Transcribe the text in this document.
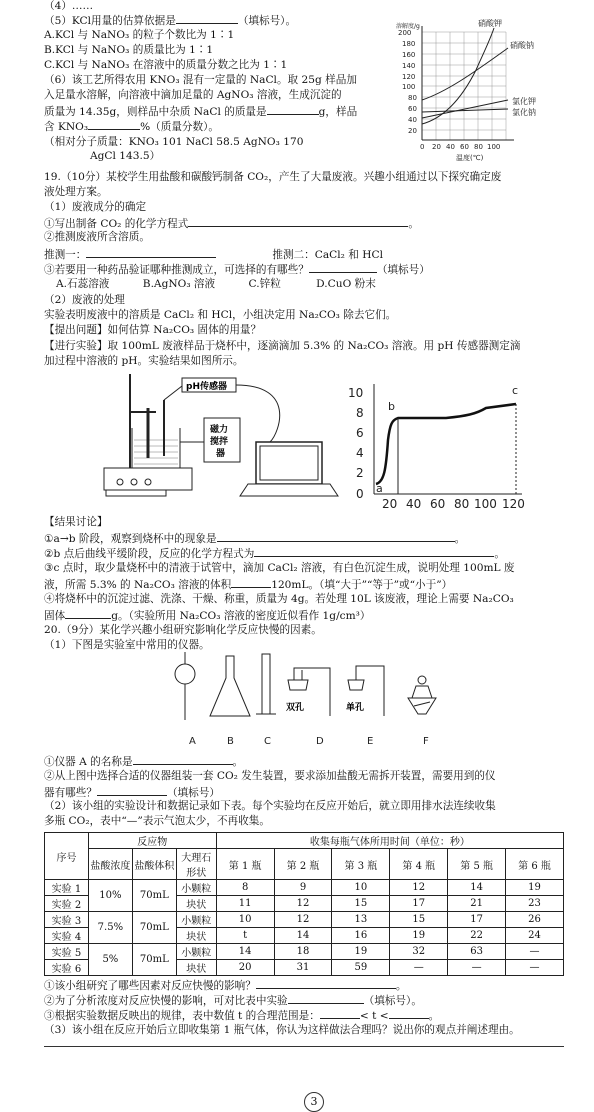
（4）……
（5）KCl用量的估算依据是	（填标号）。
A.KCl 与 NaNO₃ 的粒子个数比为 1∶1
B.KCl 与 NaNO₃ 的质量比为 1∶1
C.KCl 与 NaNO₃ 在溶液中的质量分数之比为 1∶1
（6）该工艺所得农用 KNO₃ 混有一定量的 NaCl。取 25g 样品加
入足量水溶解，向溶液中滴加足量的 AgNO₃ 溶液，生成沉淀的
质量为 14.35g，则样品中杂质 NaCl 的质量是	g，样品
含 KNO₃	%（质量分数）。
（相对分子质量：KNO₃ 101 NaCl 58.5 AgNO₃ 170
AgCl 143.5）
200
180
160
140
120
100
80
60
40
20
0 20 40 60 80 100
温度(℃)
溶解度/g	硝酸钾
硝酸钠
氯化钾
氯化钠
19.（10分）某校学生用盐酸和碳酸钙制备 CO₂，产生了大量废液。兴趣小组通过以下探究确定废
液处理方案。
（1）废液成分的确定
①写出制备 CO₂ 的化学方程式	。
②推测废液所含溶质。
推测一：	推测二：CaCl₂ 和 HCl
③若要用一种药品验证哪种推测成立，可选择的有哪些？	（填标号）
A.石蕊溶液	B.AgNO₃ 溶液	C.锌粒	D.CuO 粉末
（2）废液的处理
实验表明废液中的溶质是 CaCl₂ 和 HCl，小组决定用 Na₂CO₃ 除去它们。
【提出问题】如何估算 Na₂CO₃ 固体的用量？
【进行实验】取 100mL 废液样品于烧杯中，逐滴滴加 5.3% 的 Na₂CO₃ 溶液。用 pH 传感器测定滴
加过程中溶液的 pH。实验结果如图所示。
pH传感器
磁力
搅拌
器
10
8
6
4
2
0
20 40 60 80 100 120
a
b
c
【结果讨论】
①a→b 阶段，观察到烧杯中的现象是	。
②b 点后曲线平缓阶段，反应的化学方程式为	。
③c 点时，取少量烧杯中的清液于试管中，滴加 CaCl₂ 溶液，有白色沉淀生成，说明处理 100mL 废
液，所需 5.3% 的 Na₂CO₃ 溶液的体积	120mL。（填“大于”“等于”或“小于”）
④将烧杯中的沉淀过滤、洗涤、干燥、称重，质量为 4g。若处理 10L 该废液，理论上需要 Na₂CO₃
固体	g。（实验所用 Na₂CO₃ 溶液的密度近似看作 1g/cm³）
20.（9分）某化学兴趣小组研究影响化学反应快慢的因素。
（1）下图是实验室中常用的仪器。
双孔	单孔
A	B	C	D	E	F
①仪器 A 的名称是	。
②从上图中选择合适的仪器组装一套 CO₂ 发生装置，要求添加盐酸无需拆开装置，需要用到的仪
器有哪些？	（填标号）
（2）该小组的实验设计和数据记录如下表。每个实验均在反应开始后，就立即用排水法连续收集
多瓶 CO₂，表中“—”表示气泡太少，不再收集。
序号	反应物			收集每瓶气体所用时间（单位：秒）					
	盐酸浓度	盐酸体积	大理石形状	第 1 瓶	第 2 瓶	第 3 瓶	第 4 瓶	第 5 瓶	第 6 瓶
实验 1	10%	70mL	小颗粒	8	9	10	12	14	19
实验 2			块状	11	12	15	17	21	23
实验 3	7.5%	70mL	小颗粒	10	12	13	15	17	26
实验 4			块状	t	14	16	19	22	24
实验 5	5%	70mL	小颗粒	14	18	19	32	63	—
实验 6			块状	20	31	59	—	—	—
①该小组研究了哪些因素对反应快慢的影响？	。
②为了分析浓度对反应快慢的影响，可对比表中实验	（填标号）。
③根据实验数据反映出的规律，表中数值 t 的合理范围是：	< t <	。
（3）该小组在反应开始后立即收集第 1 瓶气体，你认为这样做法合理吗？说出你的观点并阐述理由。
3
